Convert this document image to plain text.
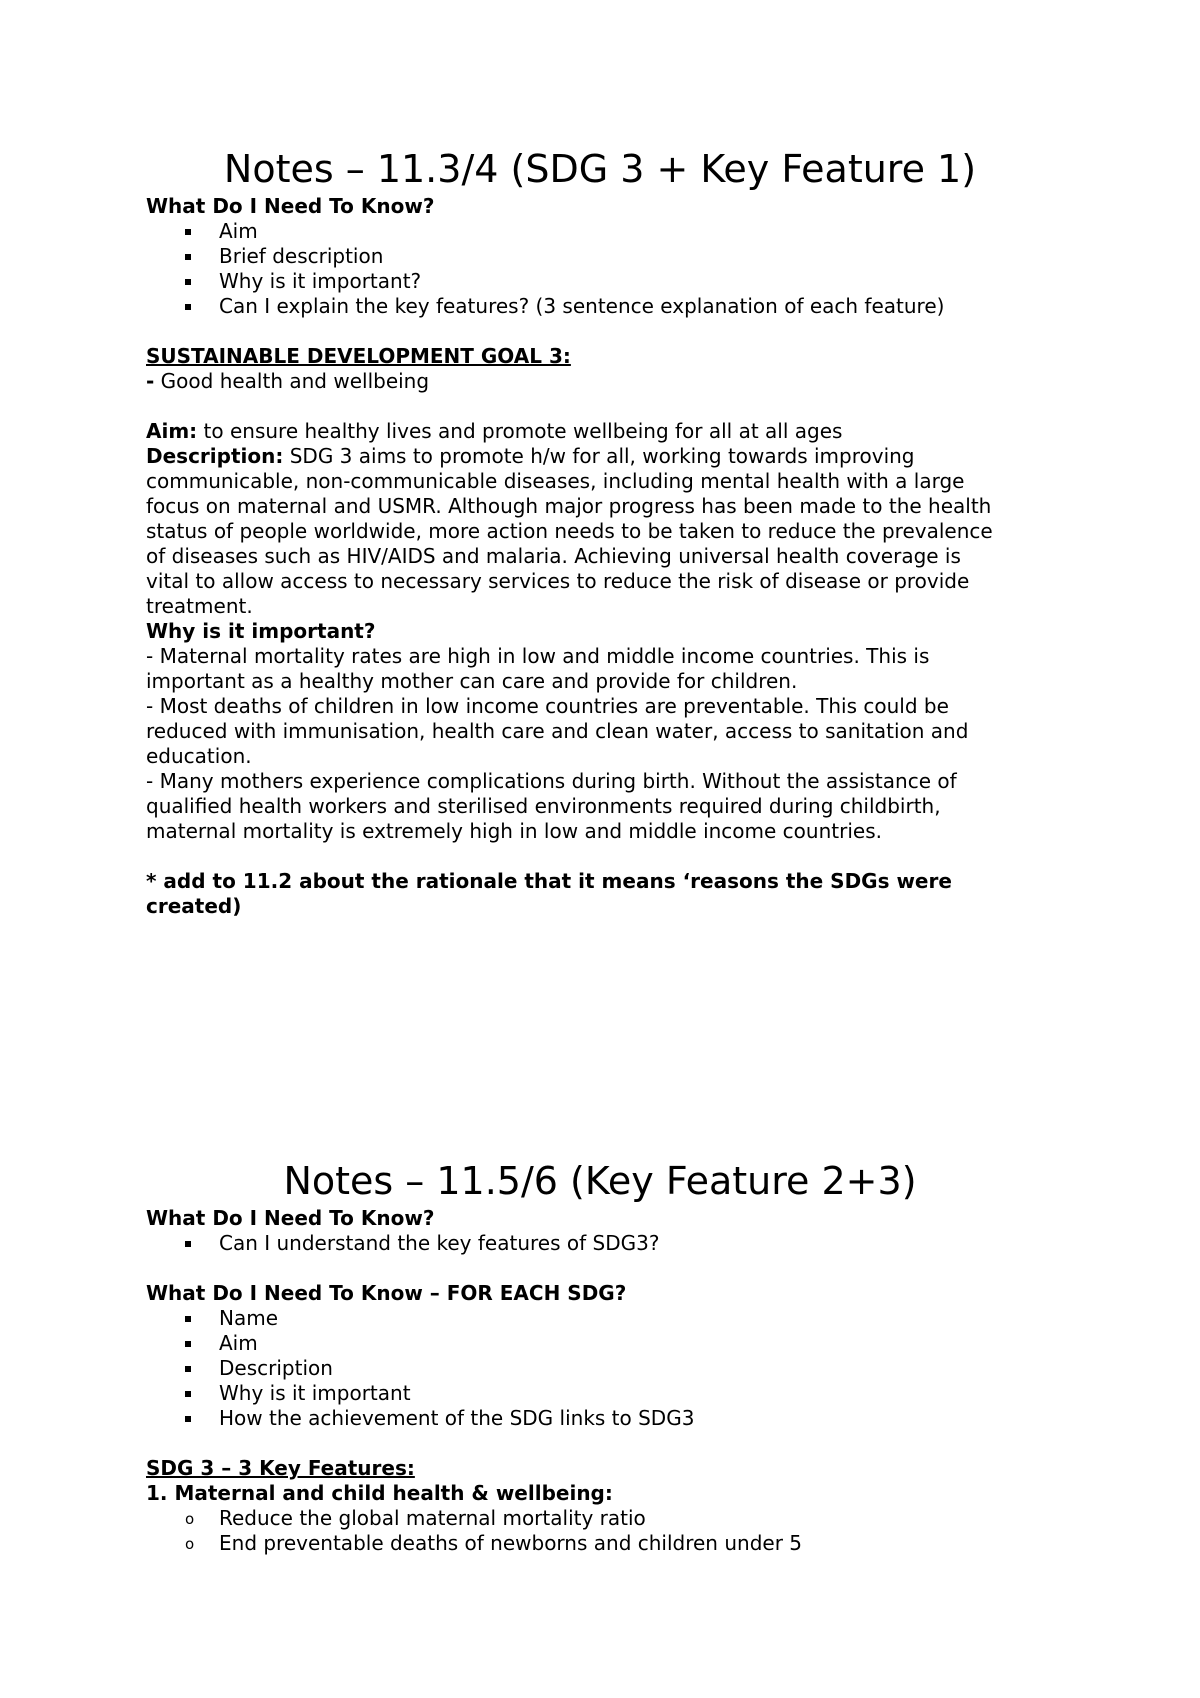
Notes – 11.3/4 (SDG 3 + Key Feature 1)

What Do I Need To Know?

Aim
Brief description
Why is it important?
Can I explain the key features? (3 sentence explanation of each feature)

SUSTAINABLE DEVELOPMENT GOAL 3:

- Good health and wellbeing

Aim: to ensure healthy lives and promote wellbeing for all at all ages

Description: SDG 3 aims to promote h/w for all, working towards improving

communicable, non-communicable diseases, including mental health with a large

focus on maternal and USMR. Although major progress has been made to the health

status of people worldwide, more action needs to be taken to reduce the prevalence

of diseases such as HIV/AIDS and malaria. Achieving universal health coverage is

vital to allow access to necessary services to reduce the risk of disease or provide

treatment.

Why is it important?

- Maternal mortality rates are high in low and middle income countries. This is

important as a healthy mother can care and provide for children.

- Most deaths of children in low income countries are preventable. This could be

reduced with immunisation, health care and clean water, access to sanitation and

education.

- Many mothers experience complications during birth. Without the assistance of

qualified health workers and sterilised environments required during childbirth,

maternal mortality is extremely high in low and middle income countries.

* add to 11.2 about the rationale that it means ‘reasons the SDGs were

created)

Notes – 11.5/6 (Key Feature 2+3)

What Do I Need To Know?

Can I understand the key features of SDG3?

What Do I Need To Know – FOR EACH SDG?

Name
Aim
Description
Why is it important
How the achievement of the SDG links to SDG3

SDG 3 – 3 Key Features:

1. Maternal and child health & wellbeing:

o Reduce the global maternal mortality ratio
o End preventable deaths of newborns and children under 5
